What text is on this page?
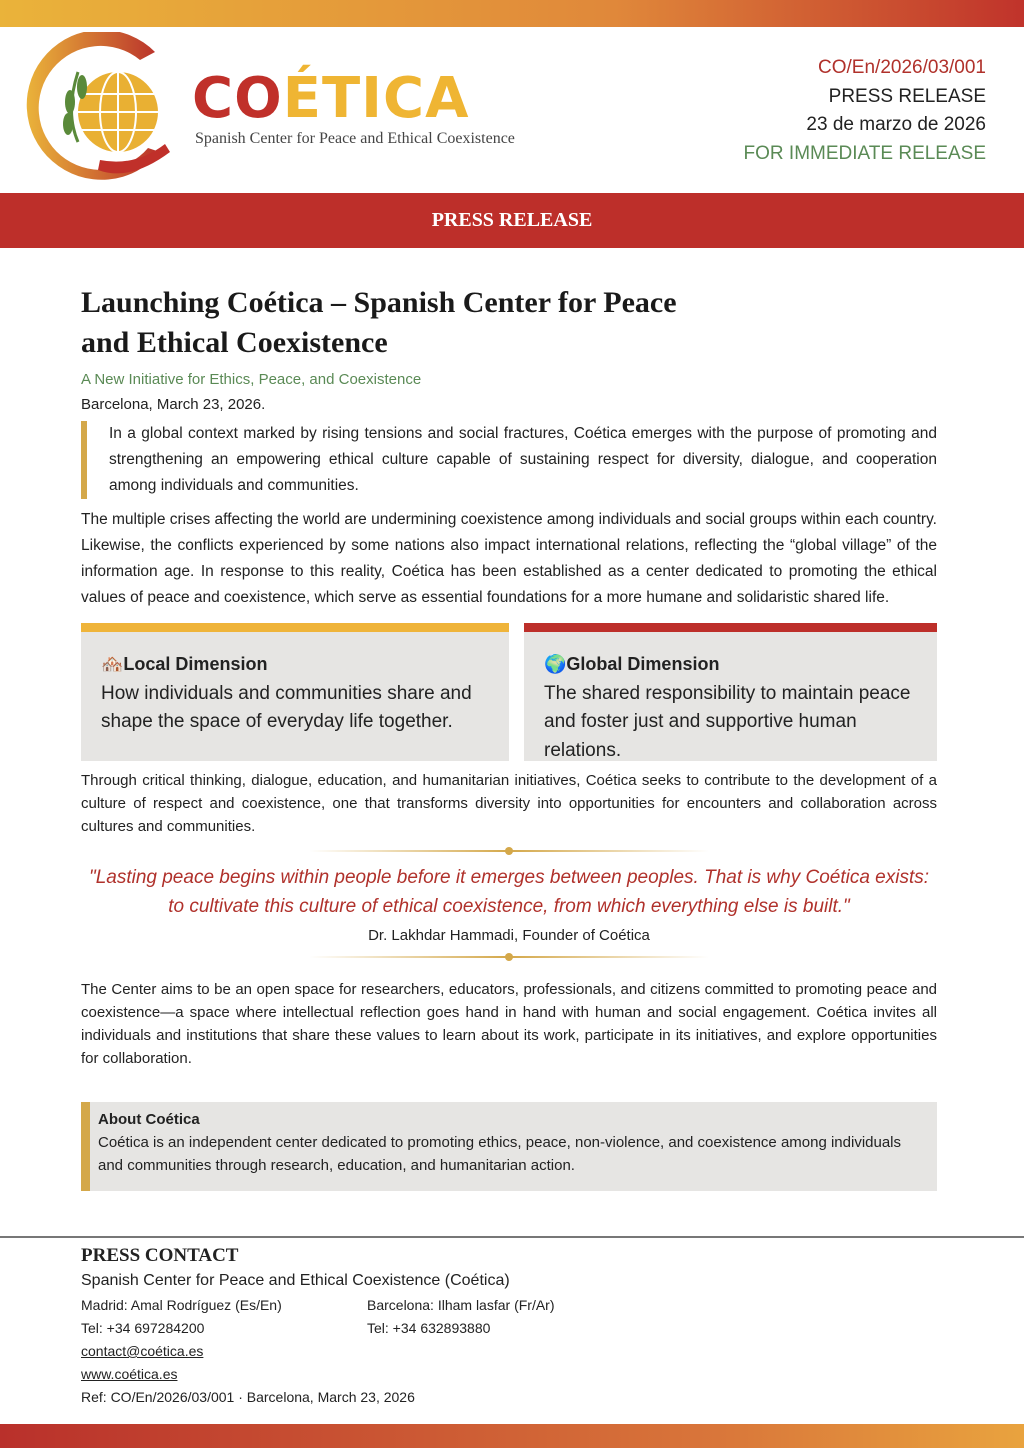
COÉTICA
Spanish Center for Peace and Ethical Coexistence
CO/En/2026/03/001
PRESS RELEASE
23 de marzo de 2026
FOR IMMEDIATE RELEASE
PRESS RELEASE
Launching Coética – Spanish Center for Peace and Ethical Coexistence
A New Initiative for Ethics, Peace, and Coexistence
Barcelona, March 23, 2026.
In a global context marked by rising tensions and social fractures, Coética emerges with the purpose of promoting and strengthening an empowering ethical culture capable of sustaining respect for diversity, dialogue, and cooperation among individuals and communities.

The multiple crises affecting the world are undermining coexistence among individuals and social groups within each country. Likewise, the conflicts experienced by some nations also impact international relations, reflecting the “global village” of the information age. In response to this reality, Coética has been established as a center dedicated to promoting the ethical values of peace and coexistence, which serve as essential foundations for a more humane and solidaristic shared life.

🏘️Local Dimension
How individuals and communities share and shape the space of everyday life together.
🌍Global Dimension
The shared responsibility to maintain peace and foster just and supportive human relations.

Through critical thinking, dialogue, education, and humanitarian initiatives, Coética seeks to contribute to the development of a culture of respect and coexistence, one that transforms diversity into opportunities for encounters and collaboration across cultures and communities.

"Lasting peace begins within people before it emerges between peoples. That is why Coética exists: to cultivate this culture of ethical coexistence, from which everything else is built."
Dr. Lakhdar Hammadi, Founder of Coética

The Center aims to be an open space for researchers, educators, professionals, and citizens committed to promoting peace and coexistence—a space where intellectual reflection goes hand in hand with human and social engagement. Coética invites all individuals and institutions that share these values to learn about its work, participate in its initiatives, and explore opportunities for collaboration.

About Coética
Coética is an independent center dedicated to promoting ethics, peace, non-violence, and coexistence among individuals and communities through research, education, and humanitarian action.
PRESS CONTACT
Spanish Center for Peace and Ethical Coexistence (Coética)
Madrid: Amal Rodríguez (Es/En)	Barcelona: Ilham lasfar (Fr/Ar)
Tel: +34 697284200	Tel: +34 632893880
contact@coética.es
www.coética.es
Ref: CO/En/2026/03/001 · Barcelona, March 23, 2026
